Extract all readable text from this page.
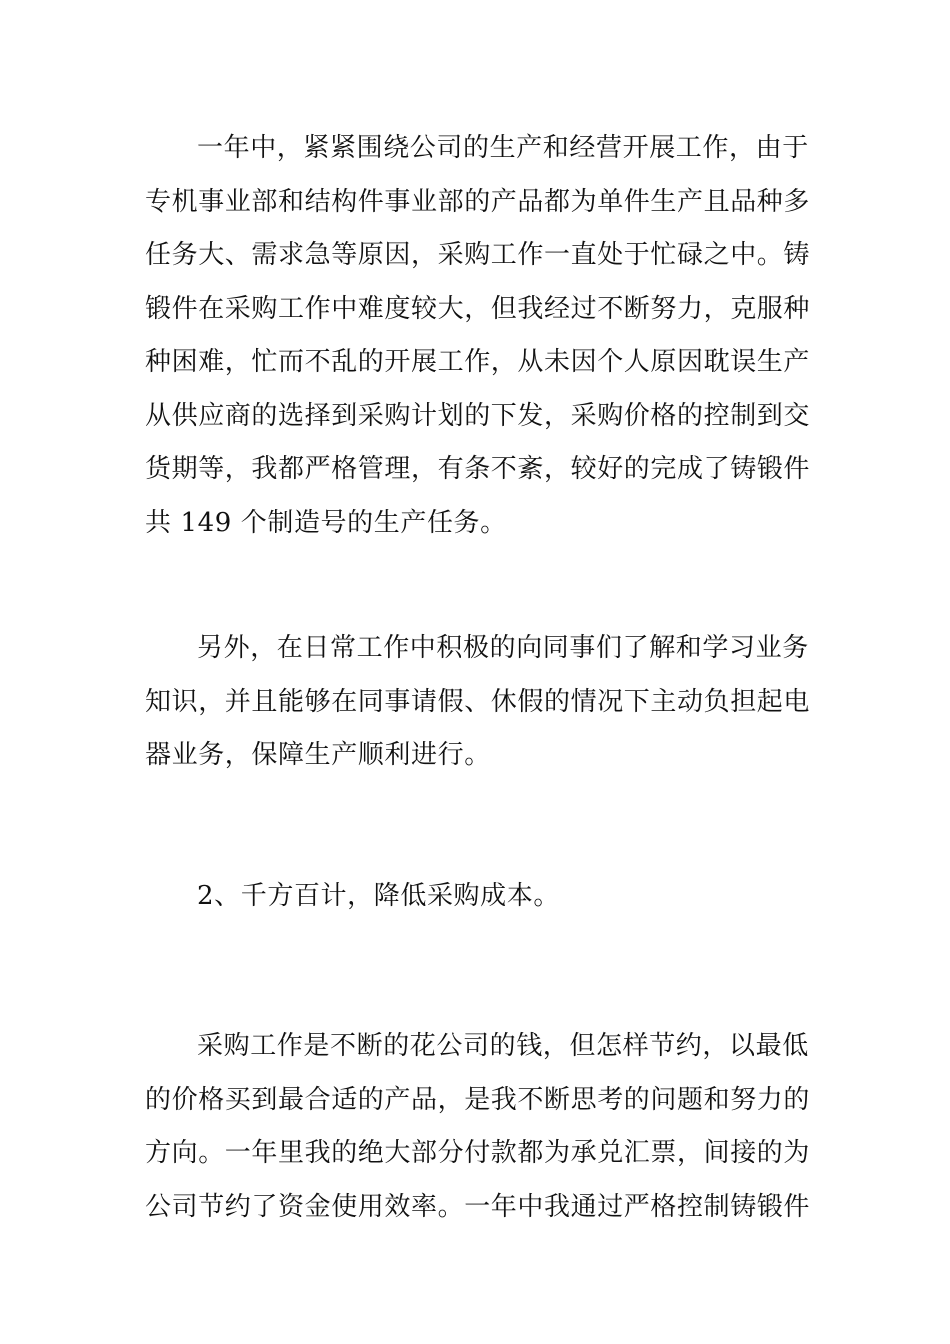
一年中，紧紧围绕公司的生产和经营开展工作，由于
专机事业部和结构件事业部的产品都为单件生产且品种多
任务大、需求急等原因，采购工作一直处于忙碌之中。铸
锻件在采购工作中难度较大，但我经过不断努力，克服种
种困难，忙而不乱的开展工作，从未因个人原因耽误生产
从供应商的选择到采购计划的下发，采购价格的控制到交
货期等，我都严格管理，有条不紊，较好的完成了铸锻件
共 149 个制造号的生产任务。
另外，在日常工作中积极的向同事们了解和学习业务
知识，并且能够在同事请假、休假的情况下主动负担起电
器业务，保障生产顺利进行。
2、千方百计，降低采购成本。
采购工作是不断的花公司的钱，但怎样节约，以最低
的价格买到最合适的产品，是我不断思考的问题和努力的
方向。一年里我的绝大部分付款都为承兑汇票，间接的为
公司节约了资金使用效率。一年中我通过严格控制铸锻件
